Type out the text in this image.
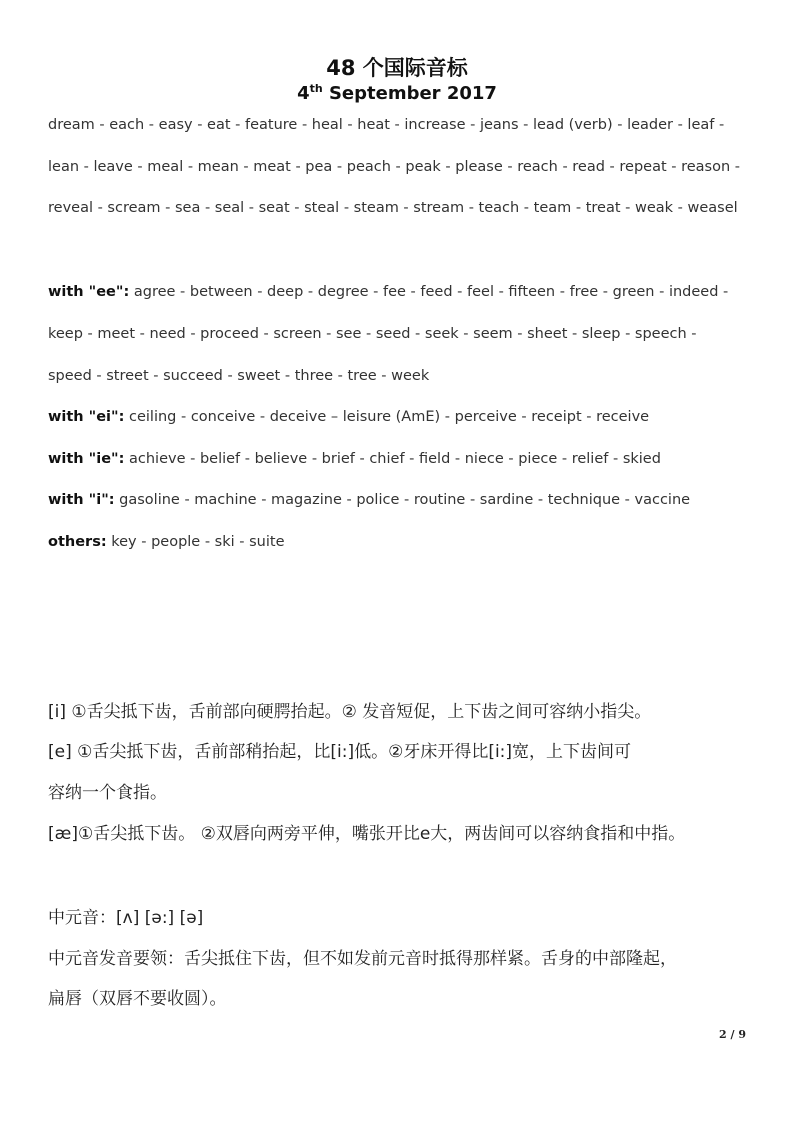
48 个国际音标
4th September 2017
dream - each - easy - eat - feature - heal - heat - increase - jeans - lead (verb) - leader - leaf - lean - leave - meal - mean - meat - pea - peach - peak - please - reach - read - repeat - reason - reveal - scream - sea - seal - seat - steal - steam - stream - teach - team - treat - weak - weasel
with "ee": agree - between - deep - degree - fee - feed - feel - fifteen - free - green - indeed -
keep - meet - need - proceed - screen - see - seed - seek - seem - sheet - sleep - speech -
speed - street - succeed - sweet - three - tree - week
with "ei": ceiling - conceive - deceive – leisure (AmE) - perceive - receipt - receive
with "ie": achieve - belief - believe - brief - chief - field - niece - piece - relief - skied
with "i": gasoline - machine - magazine - police - routine - sardine - technique - vaccine
others: key - people - ski - suite
[i] ①舌尖抵下齿，舌前部向硬腭抬起。② 发音短促，上下齿之间可容纳小指尖。
[e] ①舌尖抵下齿，舌前部稍抬起，比[i:]低。②牙床开得比[i:]宽，上下齿间可
容纳一个食指。
[æ]①舌尖抵下齿。 ②双唇向两旁平伸，嘴张开比e大，两齿间可以容纳食指和中指。
中元音：[ʌ] [ə:] [ə]
中元音发音要领：舌尖抵住下齿，但不如发前元音时抵得那样紧。舌身的中部隆起，
扁唇（双唇不要收圆）。
2 / 9
